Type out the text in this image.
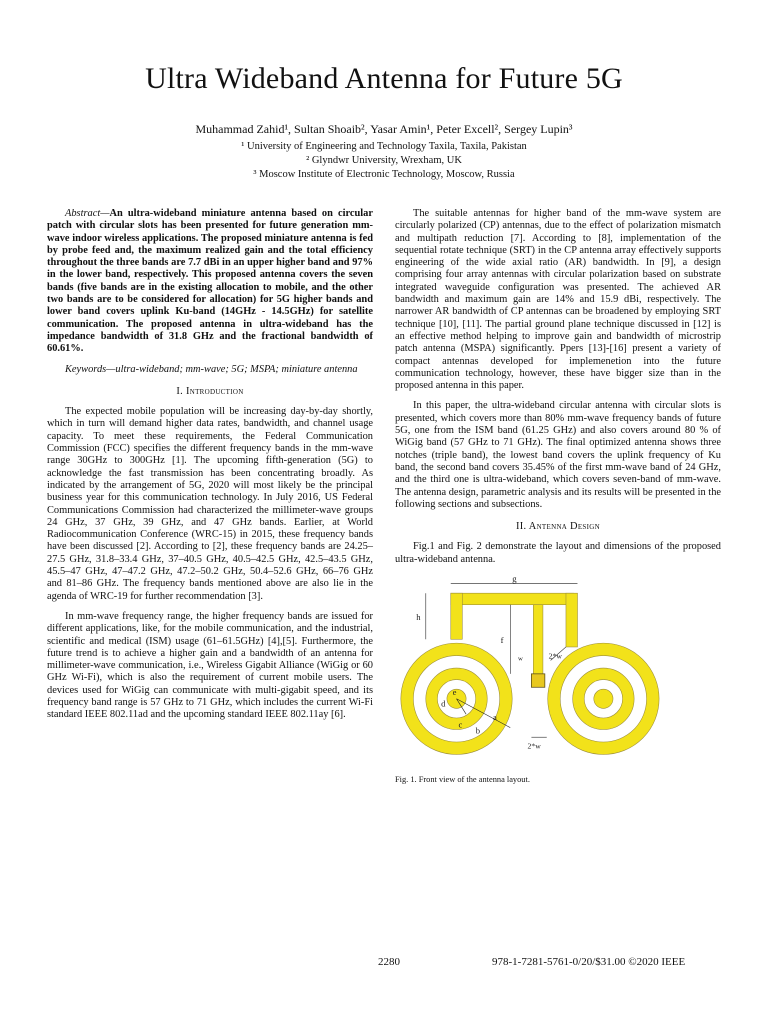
Ultra Wideband Antenna for Future 5G
Muhammad Zahid¹, Sultan Shoaib², Yasar Amin¹, Peter Excell², Sergey Lupin³
¹ University of Engineering and Technology Taxila, Taxila, Pakistan
² Glyndwr University, Wrexham, UK
³ Moscow Institute of Electronic Technology, Moscow, Russia

Abstract—An ultra-wideband miniature antenna based on circular patch with circular slots has been presented for future generation mm-wave indoor wireless applications. The proposed miniature antenna is fed by probe feed and, the maximum realized gain and the total efficiency throughout the three bands are 7.7 dBi in an upper higher band and 97% in the lower band, respectively. This proposed antenna covers the seven bands (five bands are in the existing allocation to mobile, and the other two bands are to be considered for allocation) for 5G higher bands and lower band covers uplink Ku-band (14GHz - 14.5GHz) for satellite communication. The proposed antenna in ultra-wideband has the impedance bandwidth of 31.8 GHz and the fractional bandwidth of 60.61%.

Keywords—ultra-wideband; mm-wave; 5G; MSPA; miniature antenna

I. Introduction

The expected mobile population will be increasing day-by-day shortly, which in turn will demand higher data rates, bandwidth, and channel usage capacity. To meet these requirements, the Federal Communication Commission (FCC) specifies the different frequency bands in the mm-wave range 30GHz to 300GHz [1]. The upcoming fifth-generation (5G) to acknowledge the fast transmission has been concentrating broadly. As indicated by the arrangement of 5G, 2020 will most likely be the principal business year for this communication technology. In July 2016, US Federal Communications Commission had characterized the millimeter-wave groups 24 GHz, 37 GHz, 39 GHz, and 47 GHz bands. Earlier, at World Radiocommunication Conference (WRC-15) in 2015, these frequency bands have been discussed [2]. According to [2], these frequency bands are 24.25–27.5 GHz, 31.8–33.4 GHz, 37–40.5 GHz, 40.5–42.5 GHz, 42.5–43.5 GHz, 45.5–47 GHz, 47–47.2 GHz, 47.2–50.2 GHz, 50.4–52.6 GHz, 66–76 GHz and 81–86 GHz. The frequency bands mentioned above are also lie in the agenda of WRC-19 for further recommendation [3].

In mm-wave frequency range, the higher frequency bands are issued for different applications, like, for the mobile communication, and the industrial, scientific and medical (ISM) usage (61–61.5GHz) [4],[5]. Furthermore, the future trend is to achieve a higher gain and a bandwidth of an antenna for millimeter-wave communication, i.e., Wireless Gigabit Alliance (WiGig or 60 GHz Wi-Fi), which is also the requirement of current mobile users. The devices used for WiGig can communicate with multi-gigabit speed, and its frequency band range is 57 GHz to 71 GHz, which includes the current Wi-Fi standard IEEE 802.11ad and the upcoming standard IEEE 802.11ay [6].

The suitable antennas for higher band of the mm-wave system are circularly polarized (CP) antennas, due to the effect of polarization mismatch and multipath reduction [7]. According to [8], implementation of the sequential rotate technique (SRT) in the CP antenna array effectively supports engineering of the wide axial ratio (AR) bandwidth. In [9], a design comprising four array antennas with circular polarization based on substrate integrated waveguide configuration was presented. The achieved AR bandwidth and maximum gain are 14% and 15.9 dBi, respectively. The narrower AR bandwidth of CP antennas can be broadened by employing SRT technique [10], [11]. The partial ground plane technique discussed in [12] is an effective method helping to improve gain and bandwidth of microstrip patch antenna (MSPA) significantly. Ppers [13]-[16] present a variety of compact antennas developed for implemenetion into the future communication technology, however, these have bigger size than in the proposed antenna in this paper.

In this paper, the ultra-wideband circular antenna with circular slots is presented, which covers more than 80% mm-wave frequency bands of future 5G, one from the ISM band (61.25 GHz) and also covers around 80 % of WiGig band (57 GHz to 71 GHz). The final optimized antenna shows three notches (triple band), the lowest band covers the uplink frequency of Ku band, the second band covers 35.45% of the first mm-wave band of 24 GHz, and the third one is ultra-wideband, which covers seven-band of mm-wave. The antenna design, parametric analysis and its results will be presented in the following sections and subsections.

II. Antenna Design

Fig.1 and Fig. 2 demonstrate the layout and dimensions of the proposed ultra-wideband antenna.

g
h
f
w	2*w
2*w
a
b
c
d
e
Fig. 1. Front view of the antenna layout.
2280	978-1-7281-5761-0/20/$31.00 ©2020 IEEE
